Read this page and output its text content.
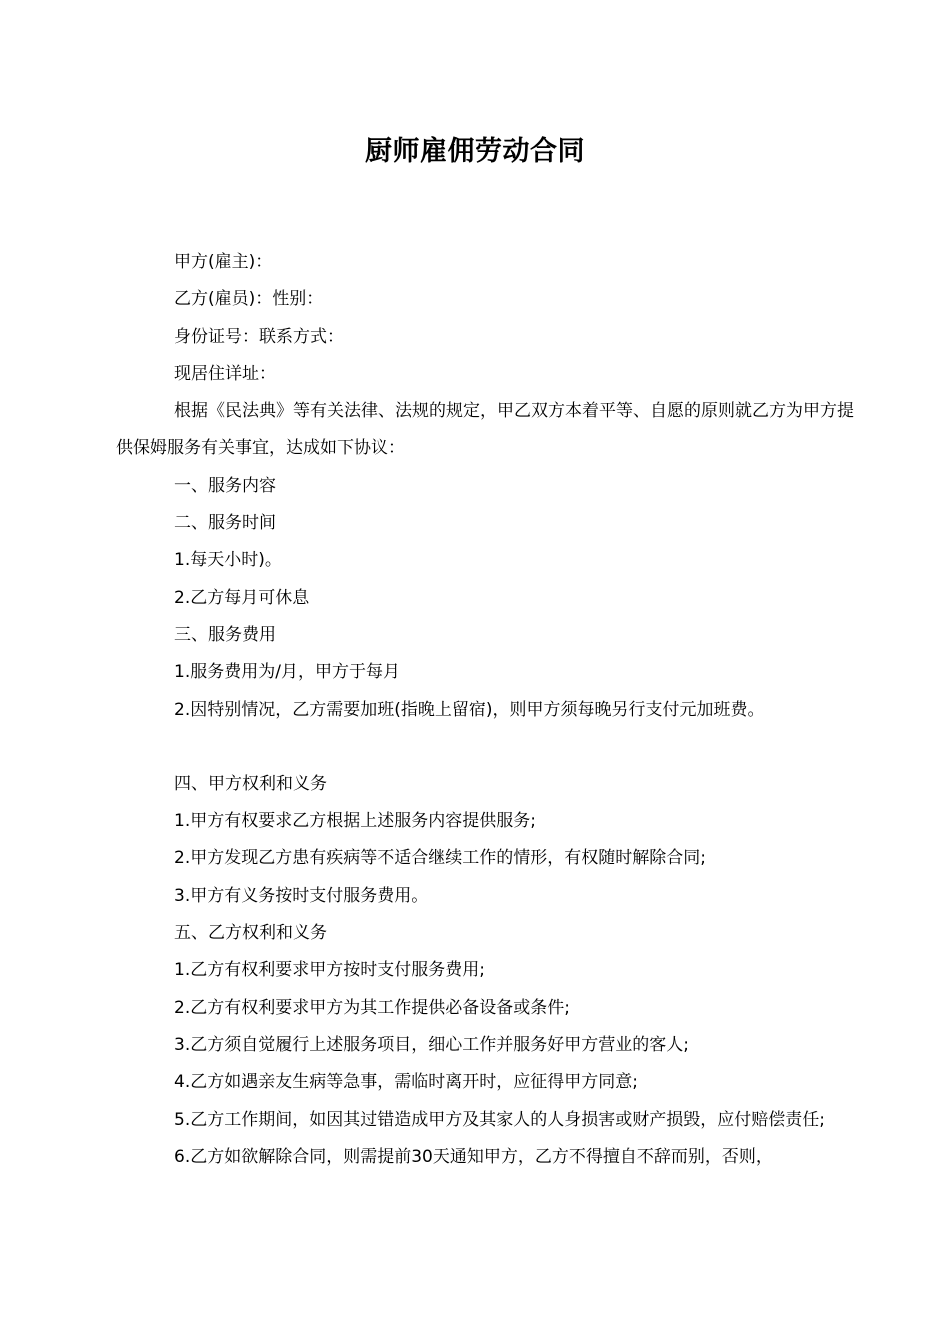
厨师雇佣劳动合同

甲方(雇主)：

乙方(雇员)：性别：

身份证号：联系方式：

现居住详址：

根据《民法典》等有关法律、法规的规定，甲乙双方本着平等、自愿的原则就乙方为甲方提供保姆服务有关事宜，达成如下协议：

一、服务内容

二、服务时间

1.每天小时)。

2.乙方每月可休息

三、服务费用

1.服务费用为/月，甲方于每月

2.因特别情况，乙方需要加班(指晚上留宿)，则甲方须每晚另行支付元加班费。

四、甲方权利和义务

1.甲方有权要求乙方根据上述服务内容提供服务;

2.甲方发现乙方患有疾病等不适合继续工作的情形，有权随时解除合同;

3.甲方有义务按时支付服务费用。

五、乙方权利和义务

1.乙方有权利要求甲方按时支付服务费用;

2.乙方有权利要求甲方为其工作提供必备设备或条件;

3.乙方须自觉履行上述服务项目，细心工作并服务好甲方营业的客人;

4.乙方如遇亲友生病等急事，需临时离开时，应征得甲方同意;

5.乙方工作期间，如因其过错造成甲方及其家人的人身损害或财产损毁，应付赔偿责任;

6.乙方如欲解除合同，则需提前30天通知甲方，乙方不得擅自不辞而别，否则，
